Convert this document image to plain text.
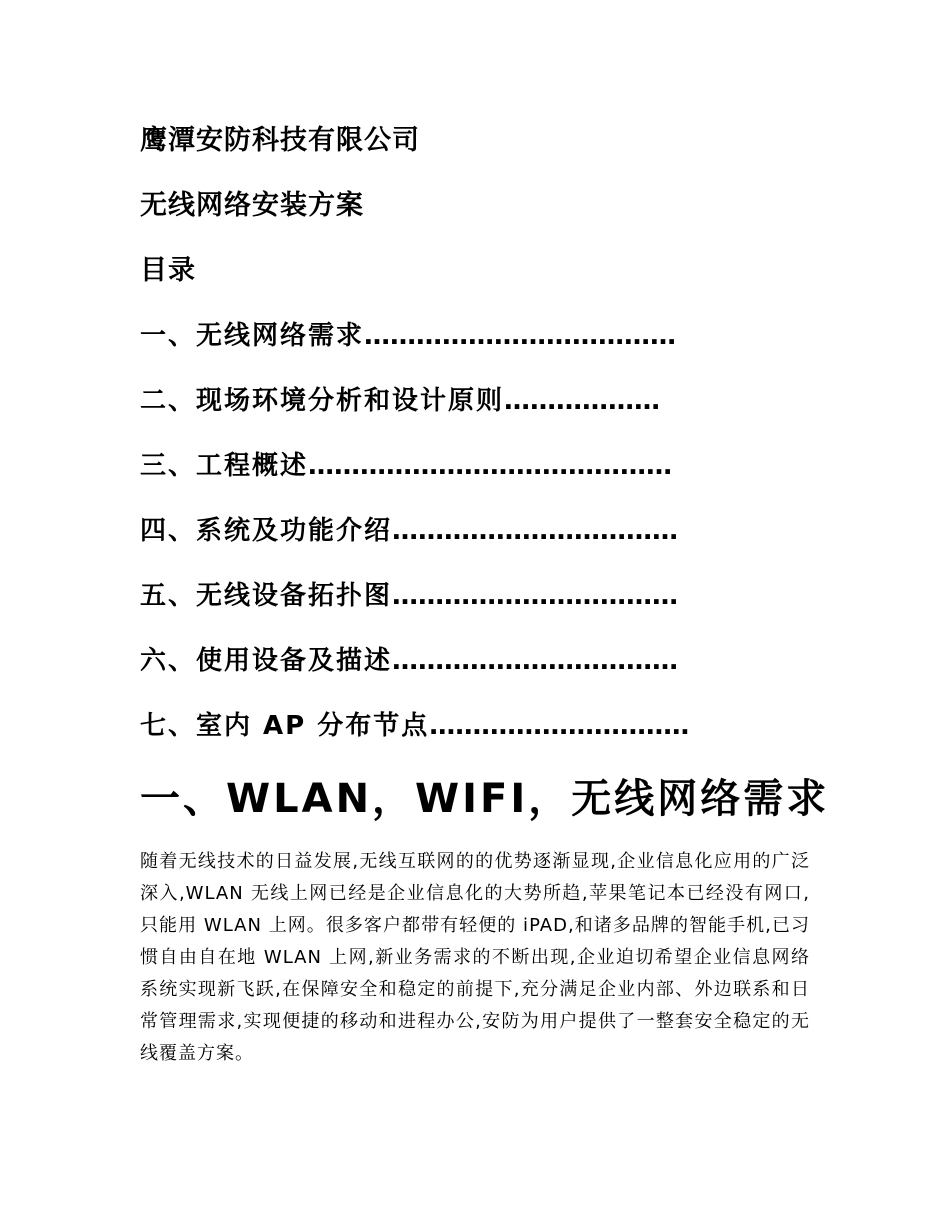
鹰潭安防科技有限公司
无线网络安装方案
目录
一、无线网络需求………………………………
二、现场环境分析和设计原则………………
三、工程概述……………………………………
四、系统及功能介绍……………………………
五、无线设备拓扑图……………………………
六、使用设备及描述……………………………
七、室内 AP 分布节点…………………………
一、WLAN，WIFI，无线网络需求

随着无线技术的日益发展,无线互联网的的优势逐渐显现,企业信息化应用的广泛深入,WLAN 无线上网已经是企业信息化的大势所趋,苹果笔记本已经没有网口,只能用 WLAN 上网。很多客户都带有轻便的 iPAD,和诸多品牌的智能手机,已习惯自由自在地 WLAN 上网,新业务需求的不断出现,企业迫切希望企业信息网络系统实现新飞跃,在保障安全和稳定的前提下,充分满足企业内部、外边联系和日常管理需求,实现便捷的移动和进程办公,安防为用户提供了一整套安全稳定的无线覆盖方案。
